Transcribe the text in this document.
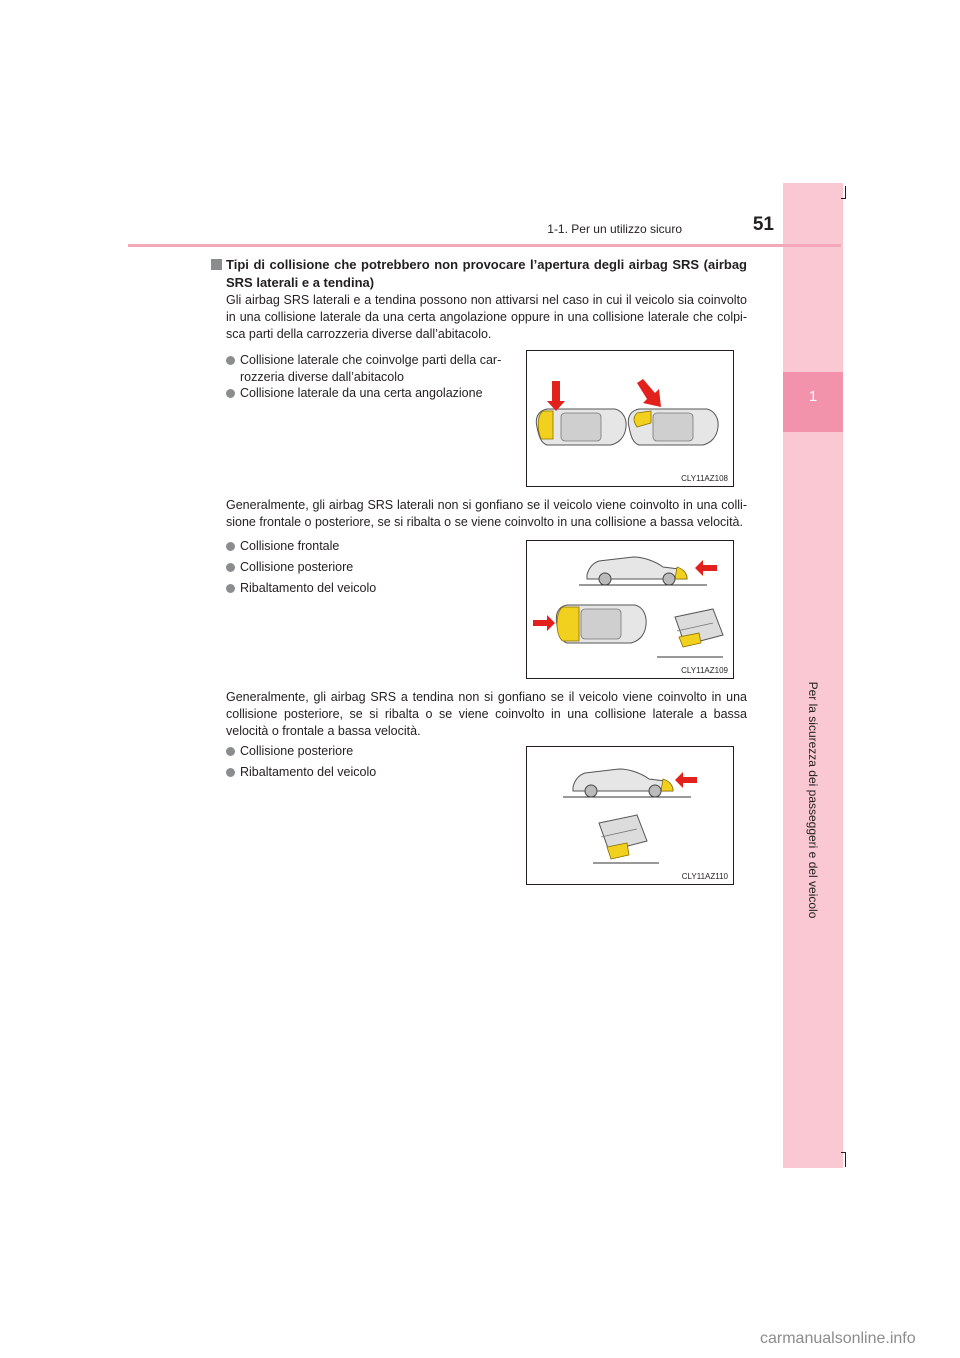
1
Per la sicurezza dei passeggeri e del veicolo
1-1. Per un utilizzo sicuro	51
Tipi di collisione che potrebbero non provocare l’apertura degli airbag SRS (airbag SRS laterali e a tendina)
Gli airbag SRS laterali e a tendina possono non attivarsi nel caso in cui il veicolo sia coinvolto in una collisione laterale da una certa angolazione oppure in una collisione laterale che colpi-sca parti della carrozzeria diverse dall’abitacolo.
Collisione laterale che coinvolge parti della car-rozzeria diverse dall’abitacolo
Collisione laterale da una certa angolazione
CLY11AZ108
Generalmente, gli airbag SRS laterali non si gonfiano se il veicolo viene coinvolto in una colli-sione frontale o posteriore, se si ribalta o se viene coinvolto in una collisione a bassa velocità.
Collisione frontale
Collisione posteriore
Ribaltamento del veicolo
CLY11AZ109
Generalmente, gli airbag SRS a tendina non si gonfiano se il veicolo viene coinvolto in una collisione posteriore, se si ribalta o se viene coinvolto in una collisione laterale a bassa velocità o frontale a bassa velocità.
Collisione posteriore
Ribaltamento del veicolo
CLY11AZ110
carmanualsonline.info
